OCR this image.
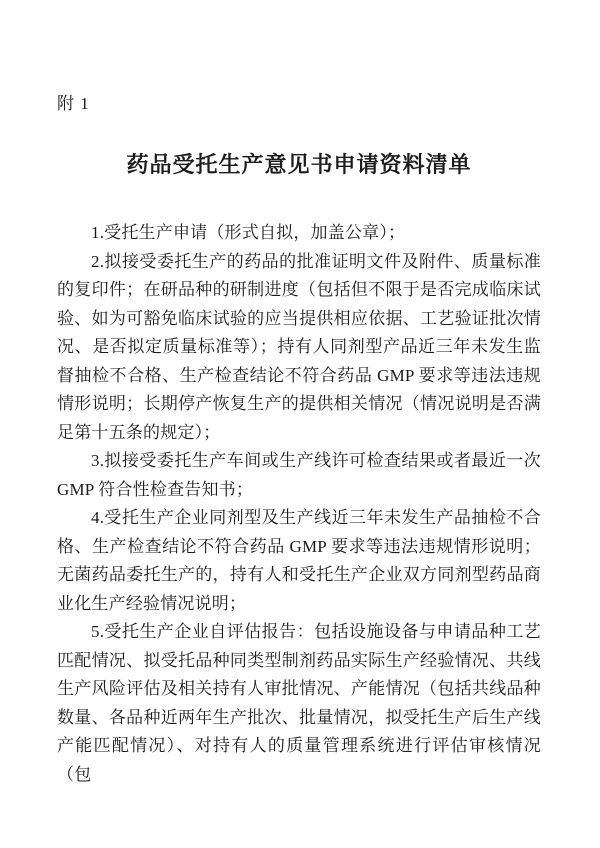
附 1
药品受托生产意见书申请资料清单

1.受托生产申请（形式自拟，加盖公章）；

2.拟接受委托生产的药品的批准证明文件及附件、质量标准的复印件；在研品种的研制进度（包括但不限于是否完成临床试验、如为可豁免临床试验的应当提供相应依据、工艺验证批次情况、是否拟定质量标准等）；持有人同剂型产品近三年未发生监督抽检不合格、生产检查结论不符合药品 GMP 要求等违法违规情形说明；长期停产恢复生产的提供相关情况（情况说明是否满足第十五条的规定）；

3.拟接受委托生产车间或生产线许可检查结果或者最近一次 GMP 符合性检查告知书；

4.受托生产企业同剂型及生产线近三年未发生产品抽检不合格、生产检查结论不符合药品 GMP 要求等违法违规情形说明；无菌药品委托生产的，持有人和受托生产企业双方同剂型药品商业化生产经验情况说明；

5.受托生产企业自评估报告：包括设施设备与申请品种工艺匹配情况、拟受托品种同类型制剂药品实际生产经验情况、共线生产风险评估及相关持有人审批情况、产能情况（包括共线品种数量、各品种近两年生产批次、批量情况，拟受托生产后生产线产能匹配情况）、对持有人的质量管理系统进行评估审核情况（包
